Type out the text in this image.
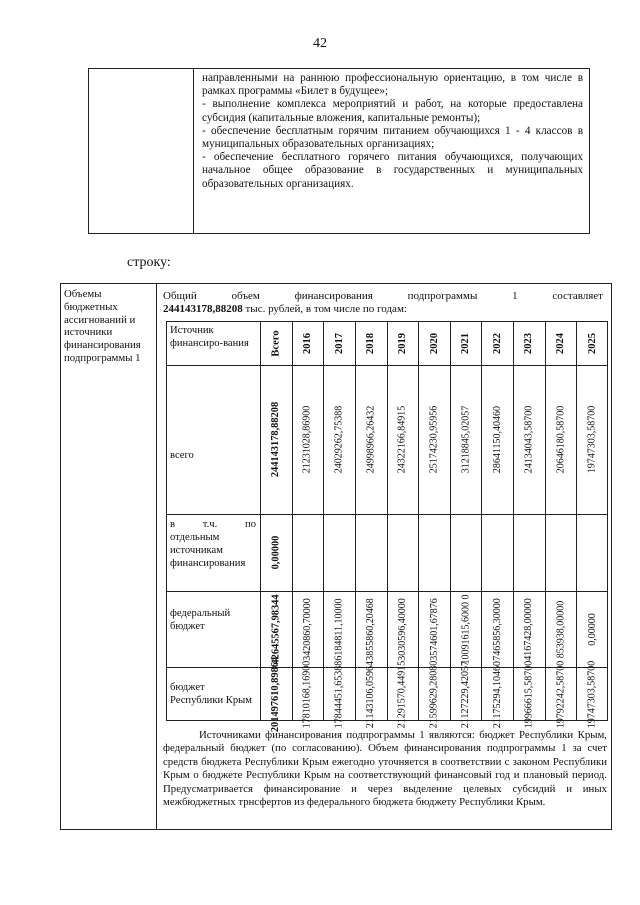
42

направленными на раннюю профессиональную ориентацию, в том числе в рамках программы «Билет в будущее»;

- выполнение комплекса мероприятий и работ, на которые предоставлена субсидия (капитальные вложения, капитальные ремонты);

- обеспечение бесплатным горячим питанием обучающихся 1 - 4 классов в муниципальных образовательных организациях;

- обеспечение бесплатного горячего питания обучающихся, получающих начальное общее образование в государственных и муниципальных образовательных организациях.

строку:
Объемы бюджетных ассигнований и источники финансирования подпрограммы 1
Общий объем финансирования подпрограммы 1 составляет
244143178,88208 тыс. рублей, в том числе по годам:
Источник финансиро-вания
всего
в т.ч. по отдельным источникам финансирования
федеральный бюджет
бюджет Республики Крым
Всего 2016 2017 2018 2019 2020 2021 2022 2023 2024 2025
244143178,88208 21231028,86900 24029262,75388 24998966,26432 24322166,84915 25174230,95956 31218845,02057 28641150,40460 24134043,58700 20646180,58700 19747303,58700
0,00000
42645567,98344 3420860,70000 6184811,10000 3855860,20468 3030596,40000 3574601,67876 10091615,6000 0 7465856,30000 4167428,00000 853938,00000 0,00000
201497610,89864 17810168,16900 17844451,65388 21143106,05964 21291570,44915 21599629,28080 21127229,42057 21175294,10460 19966615,58700 19792242,58700 19747303,58700

Источниками финансирования подпрограммы 1 являются: бюджет Республики Крым, федеральный бюджет (по согласованию). Объем финансирования подпрограммы 1 за счет средств бюджета Республики Крым ежегодно уточняется в соответствии с законом Республики Крым о бюджете Республики Крым на соответствующий финансовый год и плановый период. Предусматривается финансирование и через выделение целевых субсидий и иных межбюджетных трнсфертов из федерального бюджета бюджету Республики Крым.
